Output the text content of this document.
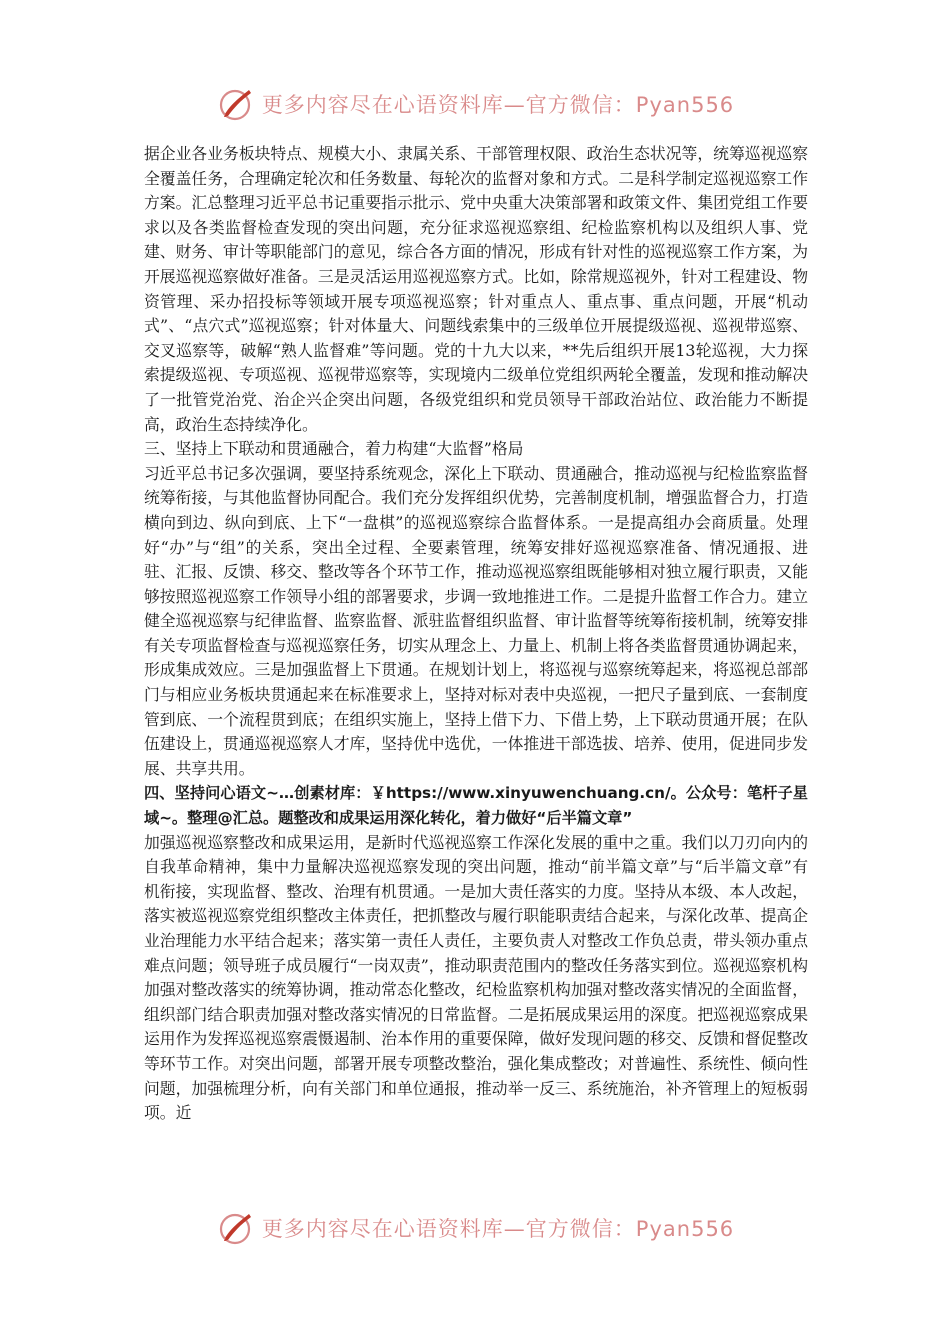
更多内容尽在心语资料库—官方微信：Pyan556

据企业各业务板块特点、规模大小、隶属关系、干部管理权限、政治生态状况等，统筹巡视巡察全覆盖任务，合理确定轮次和任务数量、每轮次的监督对象和方式。二是科学制定巡视巡察工作方案。汇总整理习近平总书记重要指示批示、党中央重大决策部署和政策文件、集团党组工作要求以及各类监督检查发现的突出问题，充分征求巡视巡察组、纪检监察机构以及组织人事、党建、财务、审计等职能部门的意见，综合各方面的情况，形成有针对性的巡视巡察工作方案，为开展巡视巡察做好准备。三是灵活运用巡视巡察方式。比如，除常规巡视外，针对工程建设、物资管理、采办招投标等领域开展专项巡视巡察；针对重点人、重点事、重点问题，开展“机动式”、“点穴式”巡视巡察；针对体量大、问题线索集中的三级单位开展提级巡视、巡视带巡察、交叉巡察等，破解“熟人监督难”等问题。党的十九大以来，**先后组织开展13轮巡视，大力探索提级巡视、专项巡视、巡视带巡察等，实现境内二级单位党组织两轮全覆盖，发现和推动解决了一批管党治党、治企兴企突出问题，各级党组织和党员领导干部政治站位、政治能力不断提高，政治生态持续净化。

三、坚持上下联动和贯通融合，着力构建“大监督”格局

习近平总书记多次强调，要坚持系统观念，深化上下联动、贯通融合，推动巡视与纪检监察监督统筹衔接，与其他监督协同配合。我们充分发挥组织优势，完善制度机制，增强监督合力，打造横向到边、纵向到底、上下“一盘棋”的巡视巡察综合监督体系。一是提高组办会商质量。处理好“办”与“组”的关系，突出全过程、全要素管理，统筹安排好巡视巡察准备、情况通报、进驻、汇报、反馈、移交、整改等各个环节工作，推动巡视巡察组既能够相对独立履行职责，又能够按照巡视巡察工作领导小组的部署要求，步调一致地推进工作。二是提升监督工作合力。建立健全巡视巡察与纪律监督、监察监督、派驻监督组织监督、审计监督等统筹衔接机制，统筹安排有关专项监督检查与巡视巡察任务，切实从理念上、力量上、机制上将各类监督贯通协调起来，形成集成效应。三是加强监督上下贯通。在规划计划上，将巡视与巡察统筹起来，将巡视总部部门与相应业务板块贯通起来在标准要求上，坚持对标对表中央巡视，一把尺子量到底、一套制度管到底、一个流程贯到底；在组织实施上，坚持上借下力、下借上势，上下联动贯通开展；在队伍建设上，贯通巡视巡察人才库，坚持优中选优，一体推进干部选拔、培养、使用，促进同步发展、共享共用。

四、坚持问心语文~…创素材库：￥https://www.xinyuwenchuang.cn/。公众号：笔杆子星域~。整理@汇总。题整改和成果运用深化转化，着力做好“后半篇文章”

加强巡视巡察整改和成果运用，是新时代巡视巡察工作深化发展的重中之重。我们以刀刃向内的自我革命精神，集中力量解决巡视巡察发现的突出问题，推动“前半篇文章”与“后半篇文章”有机衔接，实现监督、整改、治理有机贯通。一是加大责任落实的力度。坚持从本级、本人改起，落实被巡视巡察党组织整改主体责任，把抓整改与履行职能职责结合起来，与深化改革、提高企业治理能力水平结合起来；落实第一责任人责任，主要负责人对整改工作负总责，带头领办重点难点问题；领导班子成员履行“一岗双责”，推动职责范围内的整改任务落实到位。巡视巡察机构加强对整改落实的统筹协调，推动常态化整改，纪检监察机构加强对整改落实情况的全面监督，组织部门结合职责加强对整改落实情况的日常监督。二是拓展成果运用的深度。把巡视巡察成果运用作为发挥巡视巡察震慑遏制、治本作用的重要保障，做好发现问题的移交、反馈和督促整改等环节工作。对突出问题，部署开展专项整改整治，强化集成整改；对普遍性、系统性、倾向性问题，加强梳理分析，向有关部门和单位通报，推动举一反三、系统施治，补齐管理上的短板弱项。近

更多内容尽在心语资料库—官方微信：Pyan556
